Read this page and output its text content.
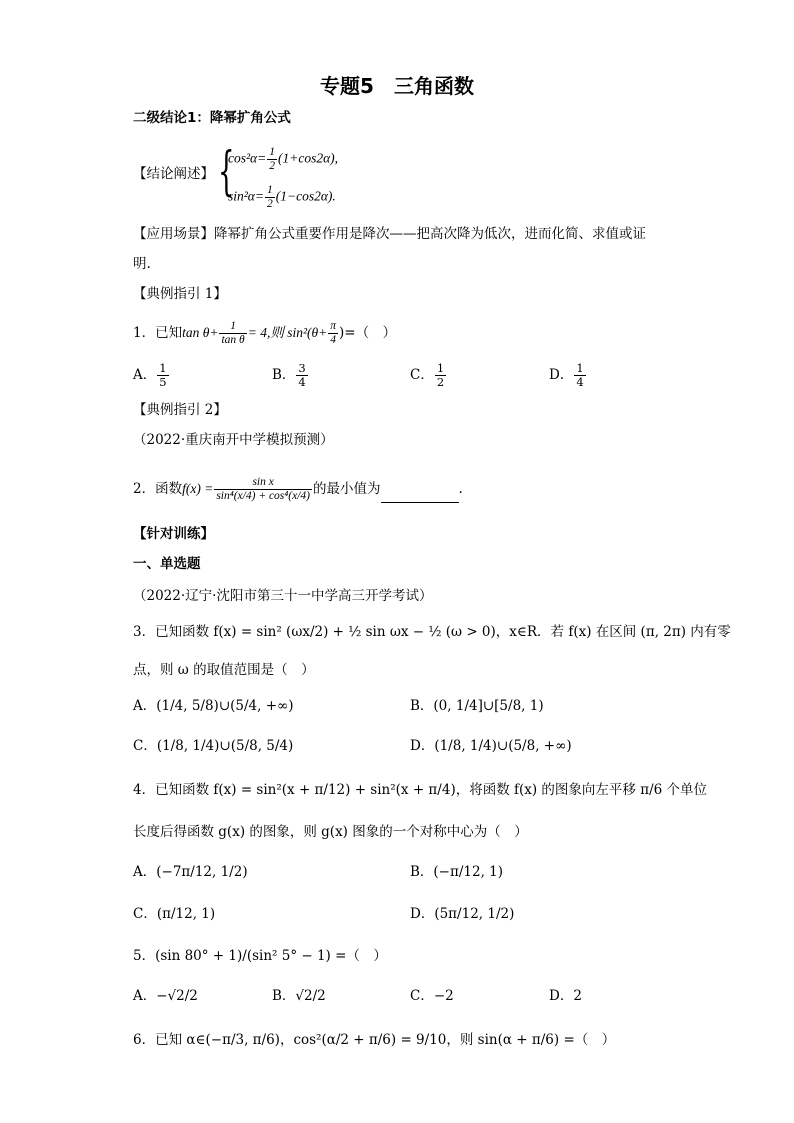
专题5　三角函数
二级结论1：降幂扩角公式
【结论阐述】 {
$\cos^2\alpha= \frac{1}{2} (1+\cos 2\alpha)$,
$\sin^2\alpha= \frac{1}{2} (1-\cos 2\alpha)$.
【应用场景】降幂扩角公式重要作用是降次——把高次降为低次，进而化简、求值或证
明.
【典例指引 1】
1．已知$\tan \theta+ \frac{1}{\text{tan θ}} = 4$,则 $\sin^2(\theta+ \frac{\pi}{4}$ )=（　）
A． $\frac{1}{5}$	B． $\frac{3}{4}$	C． $\frac{1}{2}$	D． $\frac{1}{4}$
【典例指引 2】
（2022·重庆南开中学模拟预测）
2．函数$f(x) = \frac{\text{sin x}}{\text{sin⁴(x/4) + cos⁴(x/4)}}$ 的最小值为	.
【针对训练】
一、单选题
（2022·辽宁·沈阳市第三十一中学高三开学考试）
3．已知函数 f(x) = sin² (ωx/2) + ½ sin ωx − ½ (ω > 0)，x∈R．若 f(x) 在区间 (π, 2π) 内有零
点，则 ω 的取值范围是（　）
A．(1/4, 5/8)∪(5/4, +∞)	B．(0, 1/4]∪[5/8, 1)
C．(1/8, 1/4)∪(5/8, 5/4)	D．(1/8, 1/4)∪(5/8, +∞)
4．已知函数 f(x) = sin²(x + π/12) + sin²(x + π/4)，将函数 f(x) 的图象向左平移 π/6 个单位
长度后得函数 g(x) 的图象，则 g(x) 图象的一个对称中心为（　）
A．(−7π/12, 1/2)	B．(−π/12, 1)
C．(π/12, 1)	D．(5π/12, 1/2)
5．(sin 80° + 1)/(sin² 5° − 1) =（　）
A．−√2/2	B．√2/2	C．−2	D．2
6．已知 α∈(−π/3, π/6)，cos²(α/2 + π/6) = 9/10，则 sin(α + π/6) =（　）
